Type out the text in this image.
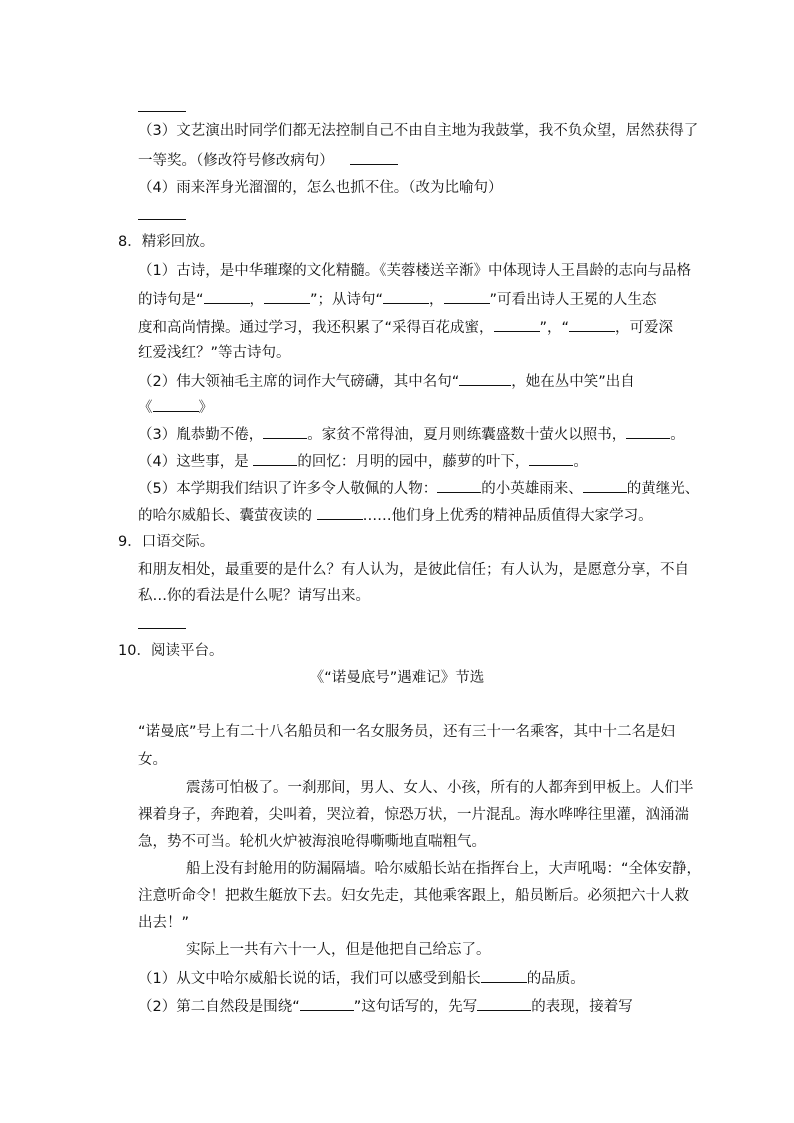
（3）文艺演出时同学们都无法控制自己不由自主地为我鼓掌，我不负众望，居然获得了
一等奖。（修改符号修改病句）
（4）雨来浑身光溜溜的，怎么也抓不住。（改为比喻句）
8．精彩回放。
（1）古诗，是中华璀璨的文化精髓。《芙蓉楼送辛渐》中体现诗人王昌龄的志向与品格
的诗句是“	，	”；从诗句“	，	”可看出诗人王冕的人生态
度和高尚情操。通过学习，我还积累了“采得百花成蜜，	”，“	，可爱深
红爱浅红？”等古诗句。
（2）伟大领袖毛主席的词作大气磅礴，其中名句“	，她在丛中笑”出自
《	》
（3）胤恭勤不倦，	。家贫不常得油，夏月则练囊盛数十萤火以照书，	。
（4）这些事，是	的回忆：月明的园中，藤萝的叶下，	。
（5）本学期我们结识了许多令人敬佩的人物：	的小英雄雨来、	的黄继光、
的哈尔威船长、囊萤夜读的	……他们身上优秀的精神品质值得大家学习。
9．口语交际。
和朋友相处，最重要的是什么？有人认为，是彼此信任；有人认为，是愿意分享，不自
私…你的看法是什么呢？请写出来。
10．阅读平台。
《“诺曼底号”遇难记》节选
“诺曼底”号上有二十八名船员和一名女服务员，还有三十一名乘客，其中十二名是妇
女。
震荡可怕极了。一刹那间，男人、女人、小孩，所有的人都奔到甲板上。人们半
裸着身子，奔跑着，尖叫着，哭泣着，惊恐万状，一片混乱。海水哗哗往里灌，汹涌湍
急，势不可当。轮机火炉被海浪呛得嘶嘶地直喘粗气。
船上没有封舱用的防漏隔墙。哈尔威船长站在指挥台上，大声吼喝：“全体安静，
注意听命令！把救生艇放下去。妇女先走，其他乘客跟上，船员断后。必须把六十人救
出去！”
实际上一共有六十一人，但是他把自己给忘了。
（1）从文中哈尔威船长说的话，我们可以感受到船长	的品质。
（2）第二自然段是围绕“	”这句话写的，先写	的表现，接着写
